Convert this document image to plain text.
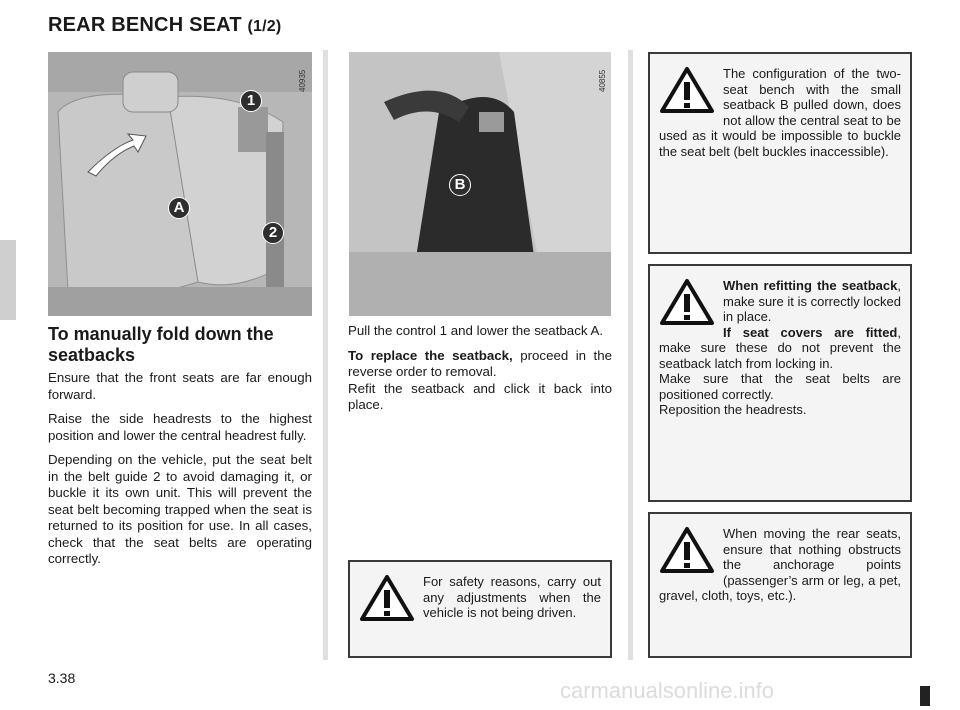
REAR BENCH SEAT (1/2)
1
A
2
40935
B
40855
To manually fold down the seatbacks

Ensure that the front seats are far enough forward.

Raise the side headrests to the highest position and lower the central headrest fully.

Depending on the vehicle, put the seat belt in the belt guide 2 to avoid damaging it, or buckle it its own unit. This will prevent the seat belt becoming trapped when the seat is returned to its position for use. In all cases, check that the seat belts are operating correctly.

Pull the control 1 and lower the seatback A.

To replace the seatback, proceed in the reverse order to removal.

Refit the seatback and click it back into place.

For safety reasons, carry out any adjustments when the vehicle is not being driven.
The configuration of the two-seat bench with the small seatback B pulled down, does not allow the central seat to be used as it would be impossible to buckle the seat belt (belt buckles inaccessible).

When refitting the seatback, make sure it is correctly locked in place.

If seat covers are fitted, make sure these do not prevent the seatback latch from locking in.

Make sure that the seat belts are positioned correctly.

Reposition the headrests.

When moving the rear seats, ensure that nothing obstructs the anchorage points (passenger’s arm or leg, a pet, gravel, cloth, toys, etc.).
3.38	carmanualsonline.info
